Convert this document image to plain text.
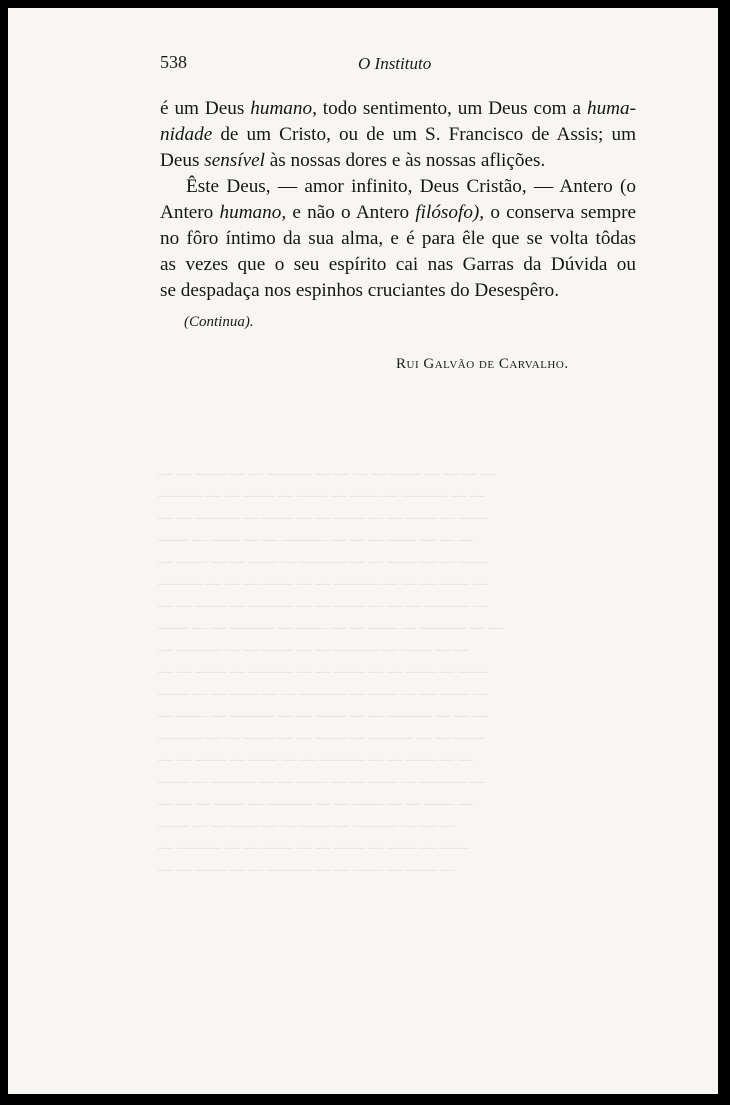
— — —— — — ——— — — — — —— — — — —
——— — — —— — —— — —— — ——— — —
— — ——— — —— — — —— — — —— — ——
—— — —— — — ——— — — — —— — — —
— —— — — —— — ——— — — —— — — ——
——— — — — —— — — ——— — — — —— —
— — —— — ——— — — —— — — — ——— —
—— — — ——— — —— — — —— — ——— — —
— ——— — — —— — — ——— — —— — —
— — —— — ——— — — —— — — —— — ——
—— — — —— — — ——— — —— — — —— —
— —— — ——— — — —— — — ——— — — —
——— — — —— — — —— — ——— — — ——
— — —— — —— — — ——— — — —— — —
—— — ——— — — —— — — —— — ——— —
— — — —— — ——— — — —— — — —— —
—— — — —— — — —— — ——— — — —
— ——— — — —— — — —— — —— — ——
— — —— — — ——— — — —— — —— —
538	O Instituto
é um Deus humano, todo sentimento, um Deus com a huma-
nidade de um Cristo, ou de um S. Francisco de Assis; um
Deus sensível às nossas dores e às nossas aflições.
Êste Deus, — amor infinito, Deus Cristão, — Antero (o
Antero humano, e não o Antero filósofo), o conserva sempre
no fôro íntimo da sua alma, e é para êle que se volta tôdas
as vezes que o seu espírito cai nas Garras da Dúvida ou
se despadaça nos espinhos cruciantes do Desespêro.
(Continua).
Rui Galvão de Carvalho.
